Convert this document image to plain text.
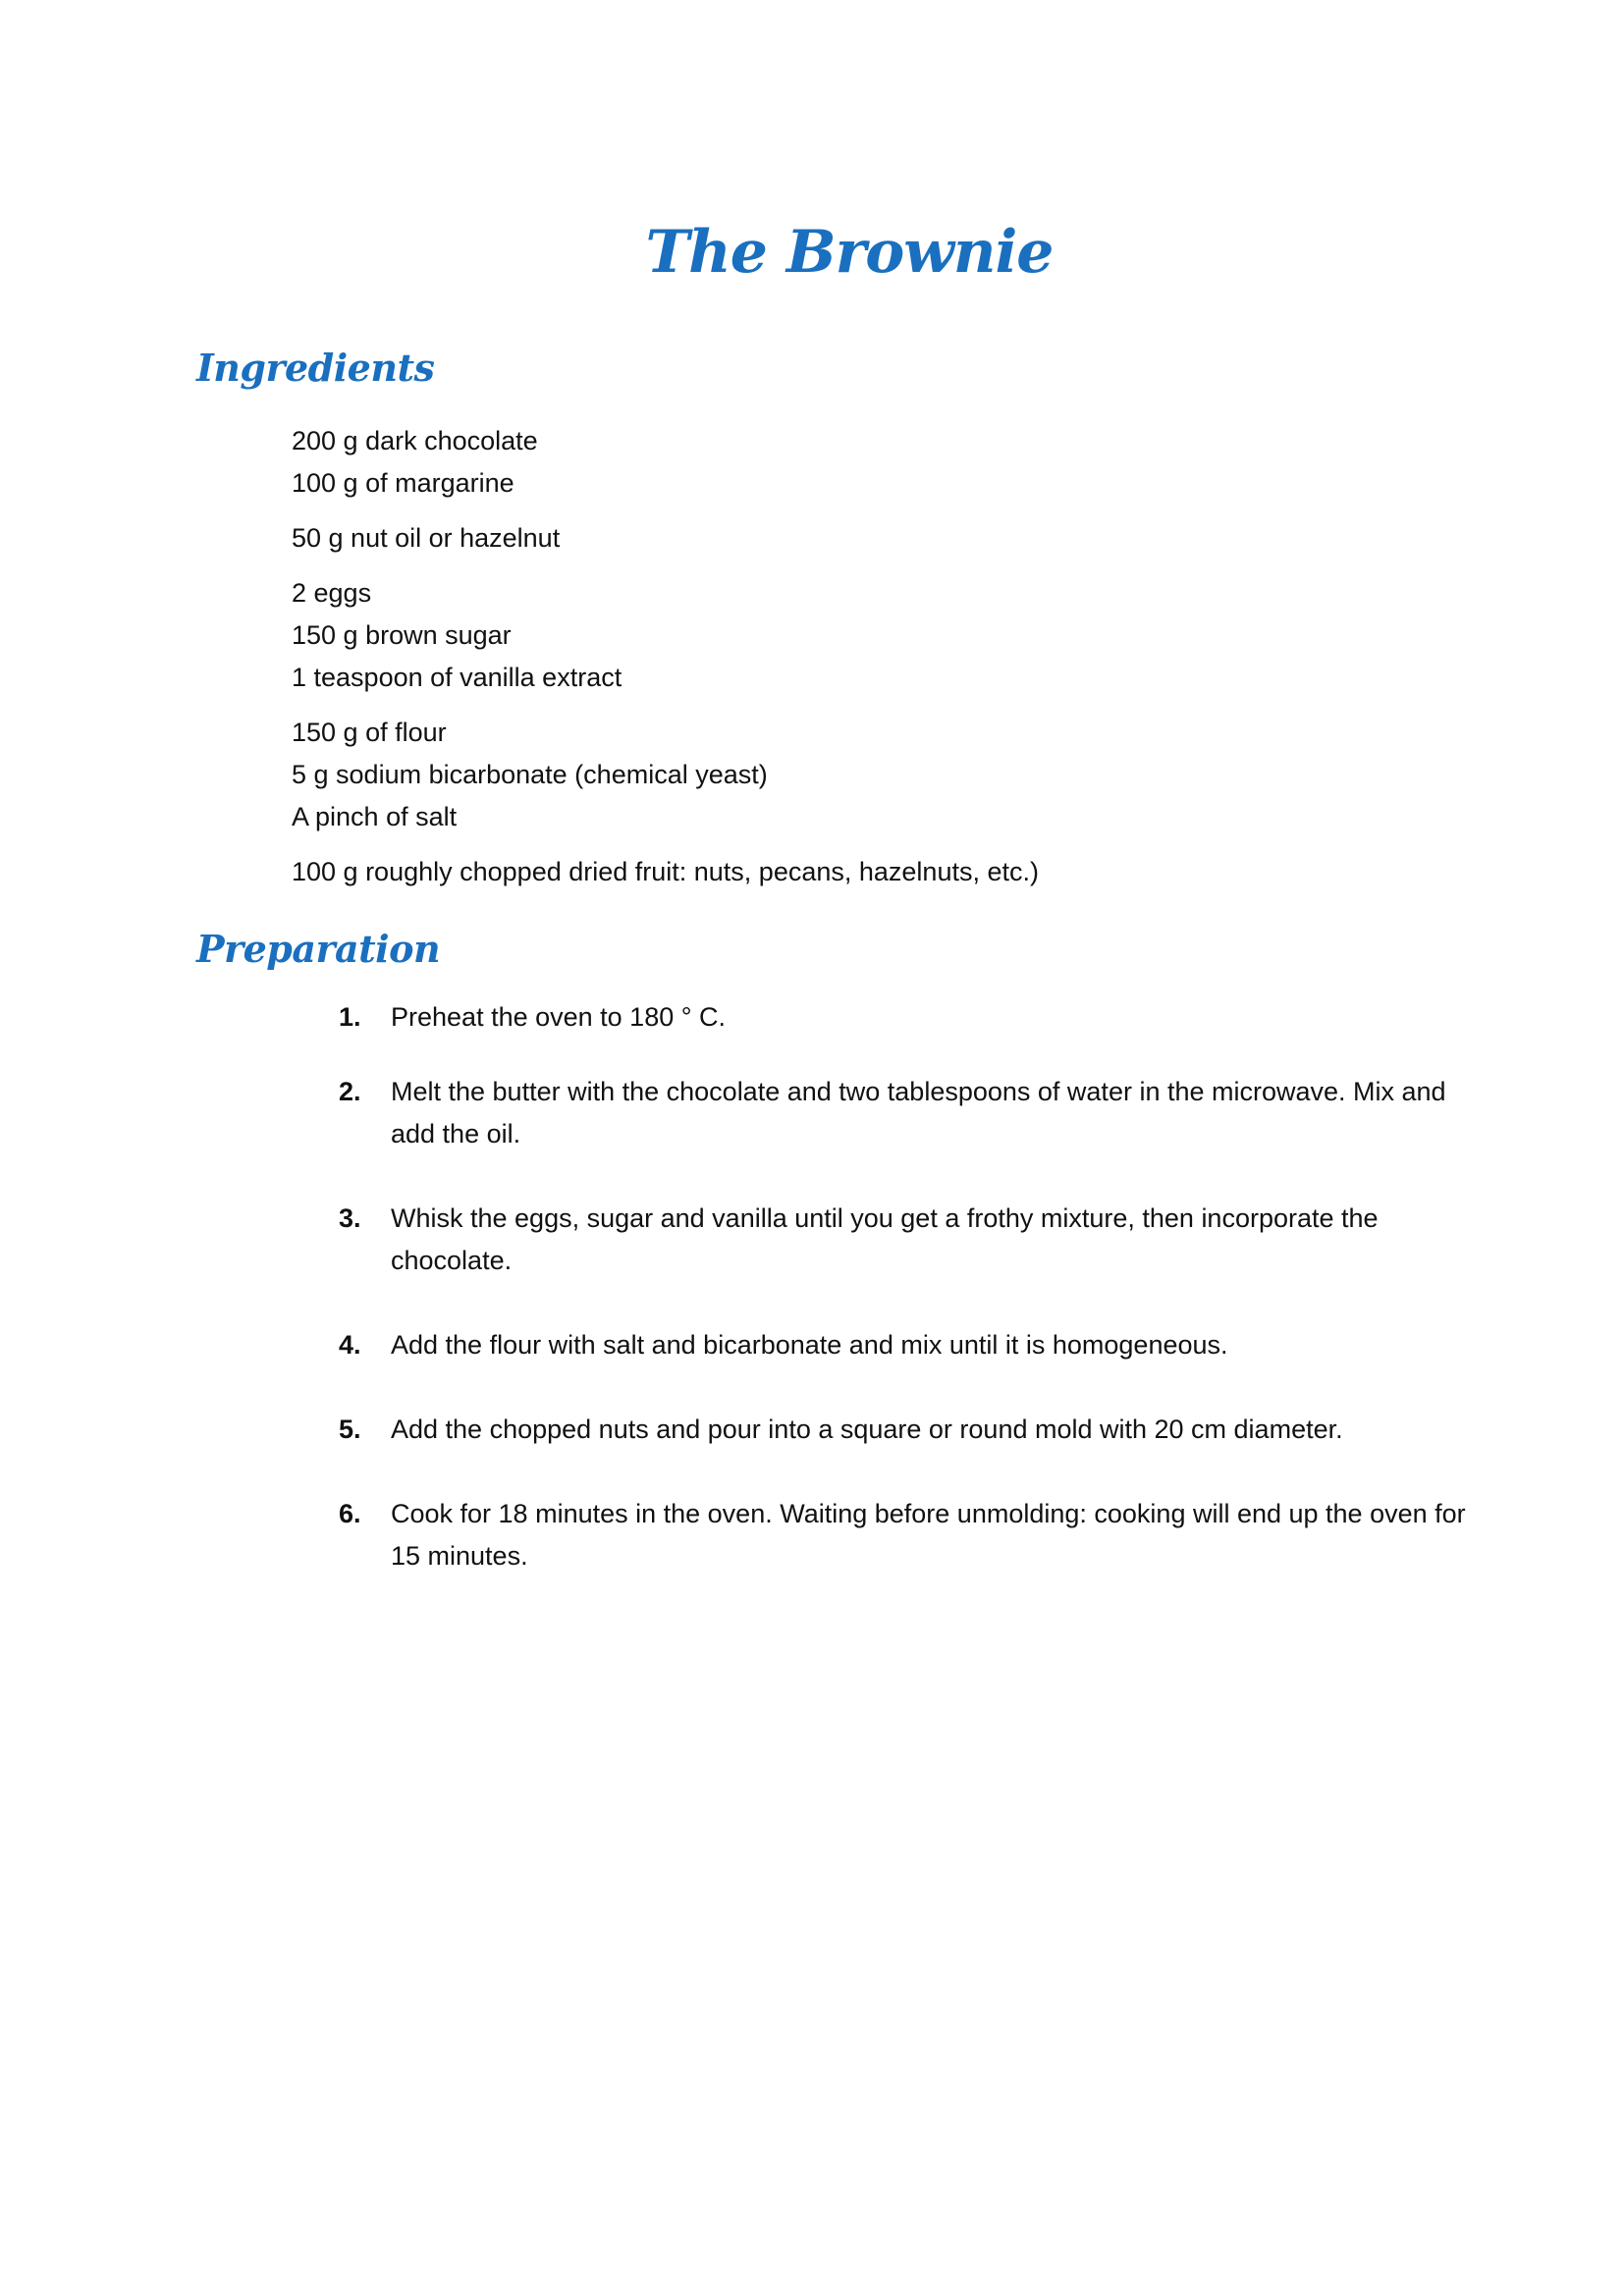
The Brownie
Ingredients
200 g dark chocolate
100 g of margarine
50 g nut oil or hazelnut
2 eggs
150 g brown sugar
1 teaspoon of vanilla extract
150 g of flour
5 g sodium bicarbonate (chemical yeast)
A pinch of salt
100 g roughly chopped dried fruit: nuts, pecans, hazelnuts, etc.)
Preparation
1. Preheat the oven to 180 ° C.
2. Melt the butter with the chocolate and two tablespoons of water in the microwave. Mix and add the oil.
3. Whisk the eggs, sugar and vanilla until you get a frothy mixture, then incorporate the chocolate.
4. Add the flour with salt and bicarbonate and mix until it is homogeneous.
5. Add the chopped nuts and pour into a square or round mold with 20 cm diameter.
6. Cook for 18 minutes in the oven. Waiting before unmolding: cooking will end up the oven for 15 minutes.
